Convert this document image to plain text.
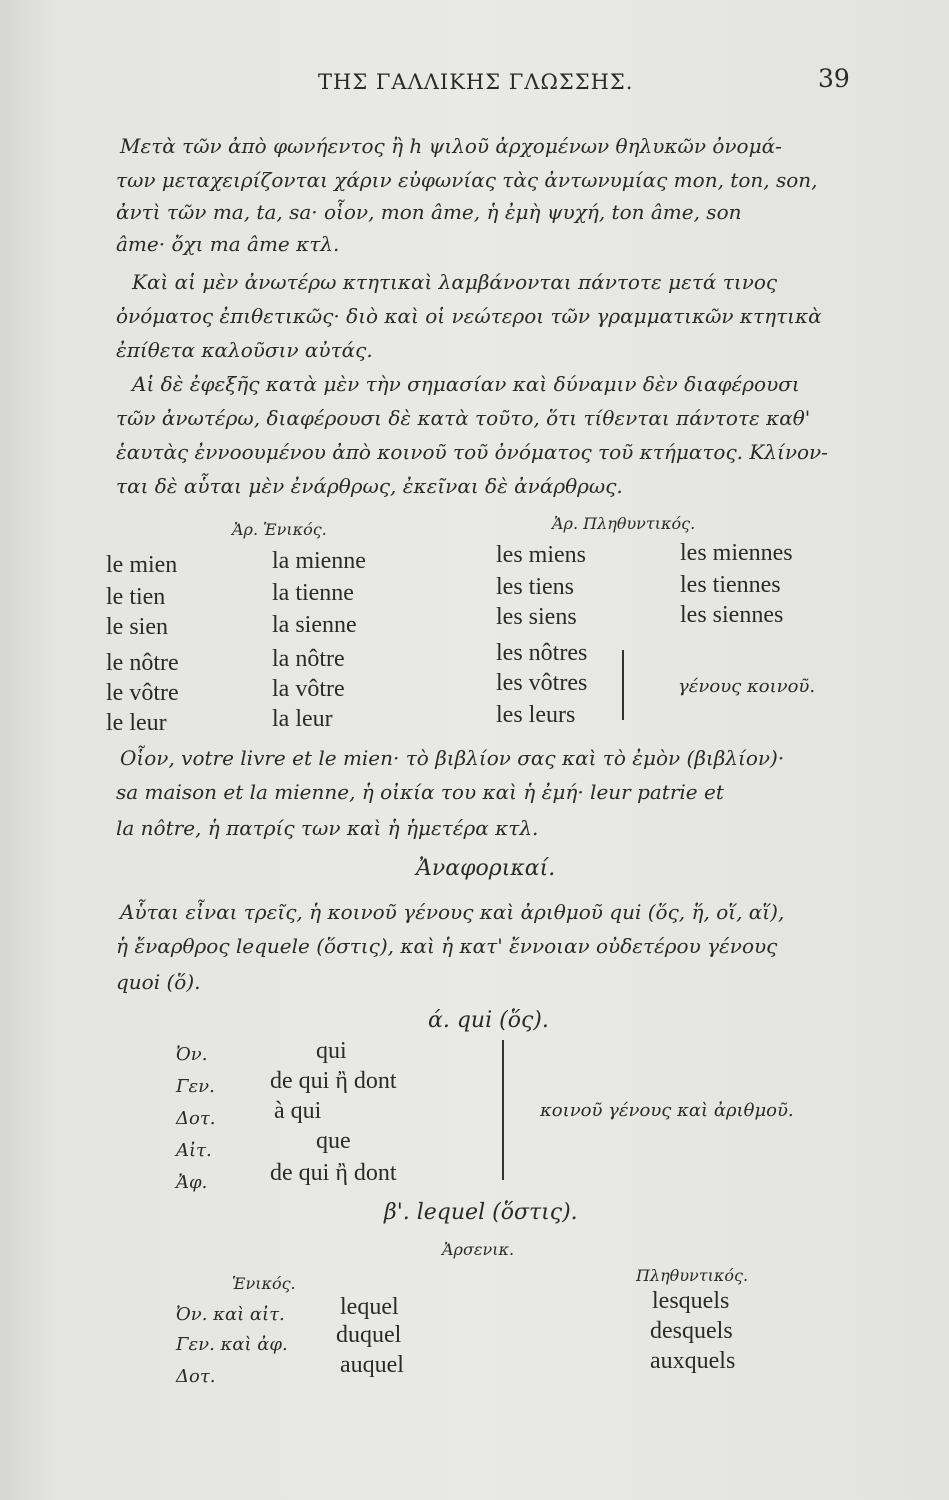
ΤΗΣ ΓΑΛΛΙΚΗΣ ΓΛΩΣΣΗΣ.	39
Μετὰ τῶν ἀπὸ φωνήεντος ἢ h ψιλοῦ ἀρχομένων θηλυκῶν ὀνομά-
των μεταχειρίζονται χάριν εὐφωνίας τὰς ἀντωνυμίας mon, ton, son,
ἀντὶ τῶν ma, ta, sa· οἷον, mon âme, ἡ ἐμὴ ψυχή, ton âme, son
âme· ὄχι ma âme κτλ.
Καὶ αἱ μὲν ἀνωτέρω κτητικαὶ λαμβάνονται πάντοτε μετά τινος
ὀνόματος ἐπιθετικῶς· διὸ καὶ οἱ νεώτεροι τῶν γραμματικῶν κτητικὰ
ἐπίθετα καλοῦσιν αὐτάς.
Αἱ δὲ ἐφεξῆς κατὰ μὲν τὴν σημασίαν καὶ δύναμιν δὲν διαφέρουσι
τῶν ἀνωτέρω, διαφέρουσι δὲ κατὰ τοῦτο, ὅτι τίθενται πάντοτε καθ'
ἑαυτὰς ἐννοουμένου ἀπὸ κοινοῦ τοῦ ὀνόματος τοῦ κτήματος. Κλίνον-
ται δὲ αὗται μὲν ἐνάρθρως, ἐκεῖναι δὲ ἀνάρθρως.
Ἀρ. Ἑνικός.	Ἀρ. Πληθυντικός.
le mien	la mienne	les miens	les miennes
le tien	la tienne	les tiens	les tiennes
le sien	la sienne	les siens	les siennes
le nôtre	la nôtre	les nôtres
le vôtre	la vôtre	les vôtres
le leur	la leur	les leurs
γένους κοινοῦ.
Οἷον, votre livre et le mien· τὸ βιβλίον σας καὶ τὸ ἐμὸν (βιβλίον)·
sa maison et la mienne, ἡ οἰκία του καὶ ἡ ἐμή· leur patrie et
la nôtre, ἡ πατρίς των καὶ ἡ ἡμετέρα κτλ.
Ἀναφορικαί.
Αὗται εἶναι τρεῖς, ἡ κοινοῦ γένους καὶ ἀριθμοῦ qui (ὅς, ἥ, οἵ, αἵ),
ἡ ἔναρθρος lequele (ὅστις), καὶ ἡ κατ' ἔννοιαν οὐδετέρου γένους
quoi (ὅ).
ά. qui (ὅς).
Ὀν.	qui
Γεν. de qui ἢ dont
Δοτ. à qui
Αἰτ.	que
Ἀφ.	de qui ἢ dont
κοινοῦ γένους καὶ ἀριθμοῦ.
β'. lequel (ὅστις).
Ἀρσενικ.
Ἑνικός.	Πληθυντικός.
Ὀν. καὶ αἰτ. lequel	lesquels
Γεν. καὶ ἀφ. duquel	desquels
Δοτ.	auquel	auxquels
